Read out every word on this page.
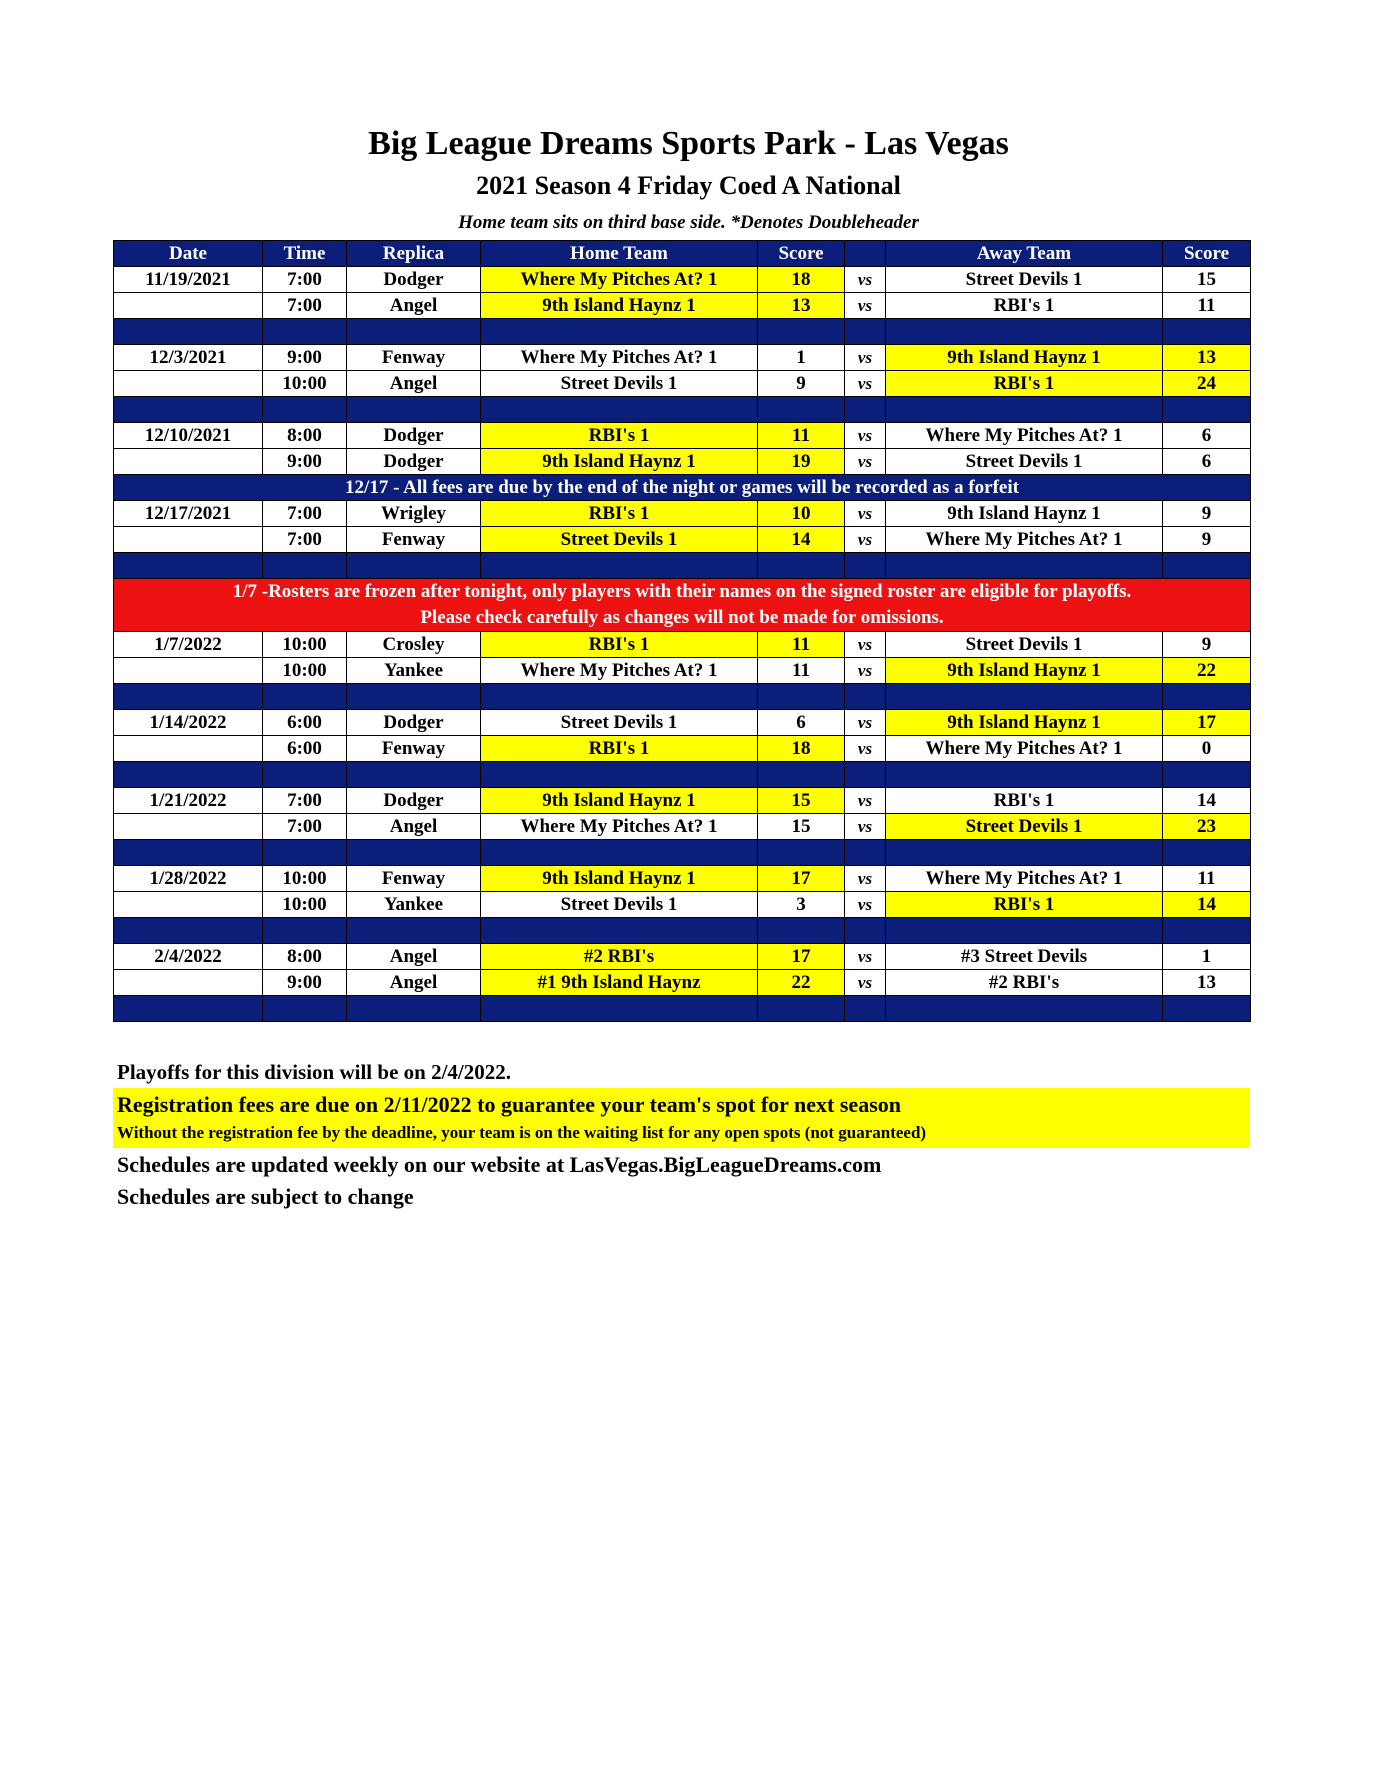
Big League Dreams Sports Park - Las Vegas
2021 Season 4 Friday Coed A National
Home team sits on third base side. *Denotes Doubleheader
Date	Time	Replica	Home Team	Score		Away Team	Score
11/19/2021	7:00	Dodger	Where My Pitches At? 1	18	vs	Street Devils 1	15
	7:00	Angel	9th Island Haynz 1	13	vs	RBI's 1	11

12/3/2021	9:00	Fenway	Where My Pitches At? 1	1	vs	9th Island Haynz 1	13
	10:00	Angel	Street Devils 1	9	vs	RBI's 1	24

12/10/2021	8:00	Dodger	RBI's 1	11	vs	Where My Pitches At? 1	6
	9:00	Dodger	9th Island Haynz 1	19	vs	Street Devils 1	6
12/17 - All fees are due by the end of the night or games will be recorded as a forfeit							
12/17/2021	7:00	Wrigley	RBI's 1	10	vs	9th Island Haynz 1	9
	7:00	Fenway	Street Devils 1	14	vs	Where My Pitches At? 1	9

1/7 -Rosters are frozen after tonight, only players with their names on the signed roster are eligible for playoffs.
Please check carefully as changes will not be made for omissions.							

1/7/2022	10:00	Crosley	RBI's 1	11	vs	Street Devils 1	9
	10:00	Yankee	Where My Pitches At? 1	11	vs	9th Island Haynz 1	22

1/14/2022	6:00	Dodger	Street Devils 1	6	vs	9th Island Haynz 1	17
	6:00	Fenway	RBI's 1	18	vs	Where My Pitches At? 1	0

1/21/2022	7:00	Dodger	9th Island Haynz 1	15	vs	RBI's 1	14
	7:00	Angel	Where My Pitches At? 1	15	vs	Street Devils 1	23

1/28/2022	10:00	Fenway	9th Island Haynz 1	17	vs	Where My Pitches At? 1	11
	10:00	Yankee	Street Devils 1	3	vs	RBI's 1	14

2/4/2022	8:00	Angel	#2 RBI's	17	vs	#3 Street Devils	1
	9:00	Angel	#1 9th Island Haynz	22	vs	#2 RBI's	13

Playoffs for this division will be on 2/4/2022.
Registration fees are due on 2/11/2022 to guarantee your team's spot for next season
Without the registration fee by the deadline, your team is on the waiting list for any open spots (not guaranteed)
Schedules are updated weekly on our website at LasVegas.BigLeagueDreams.com
Schedules are subject to change
